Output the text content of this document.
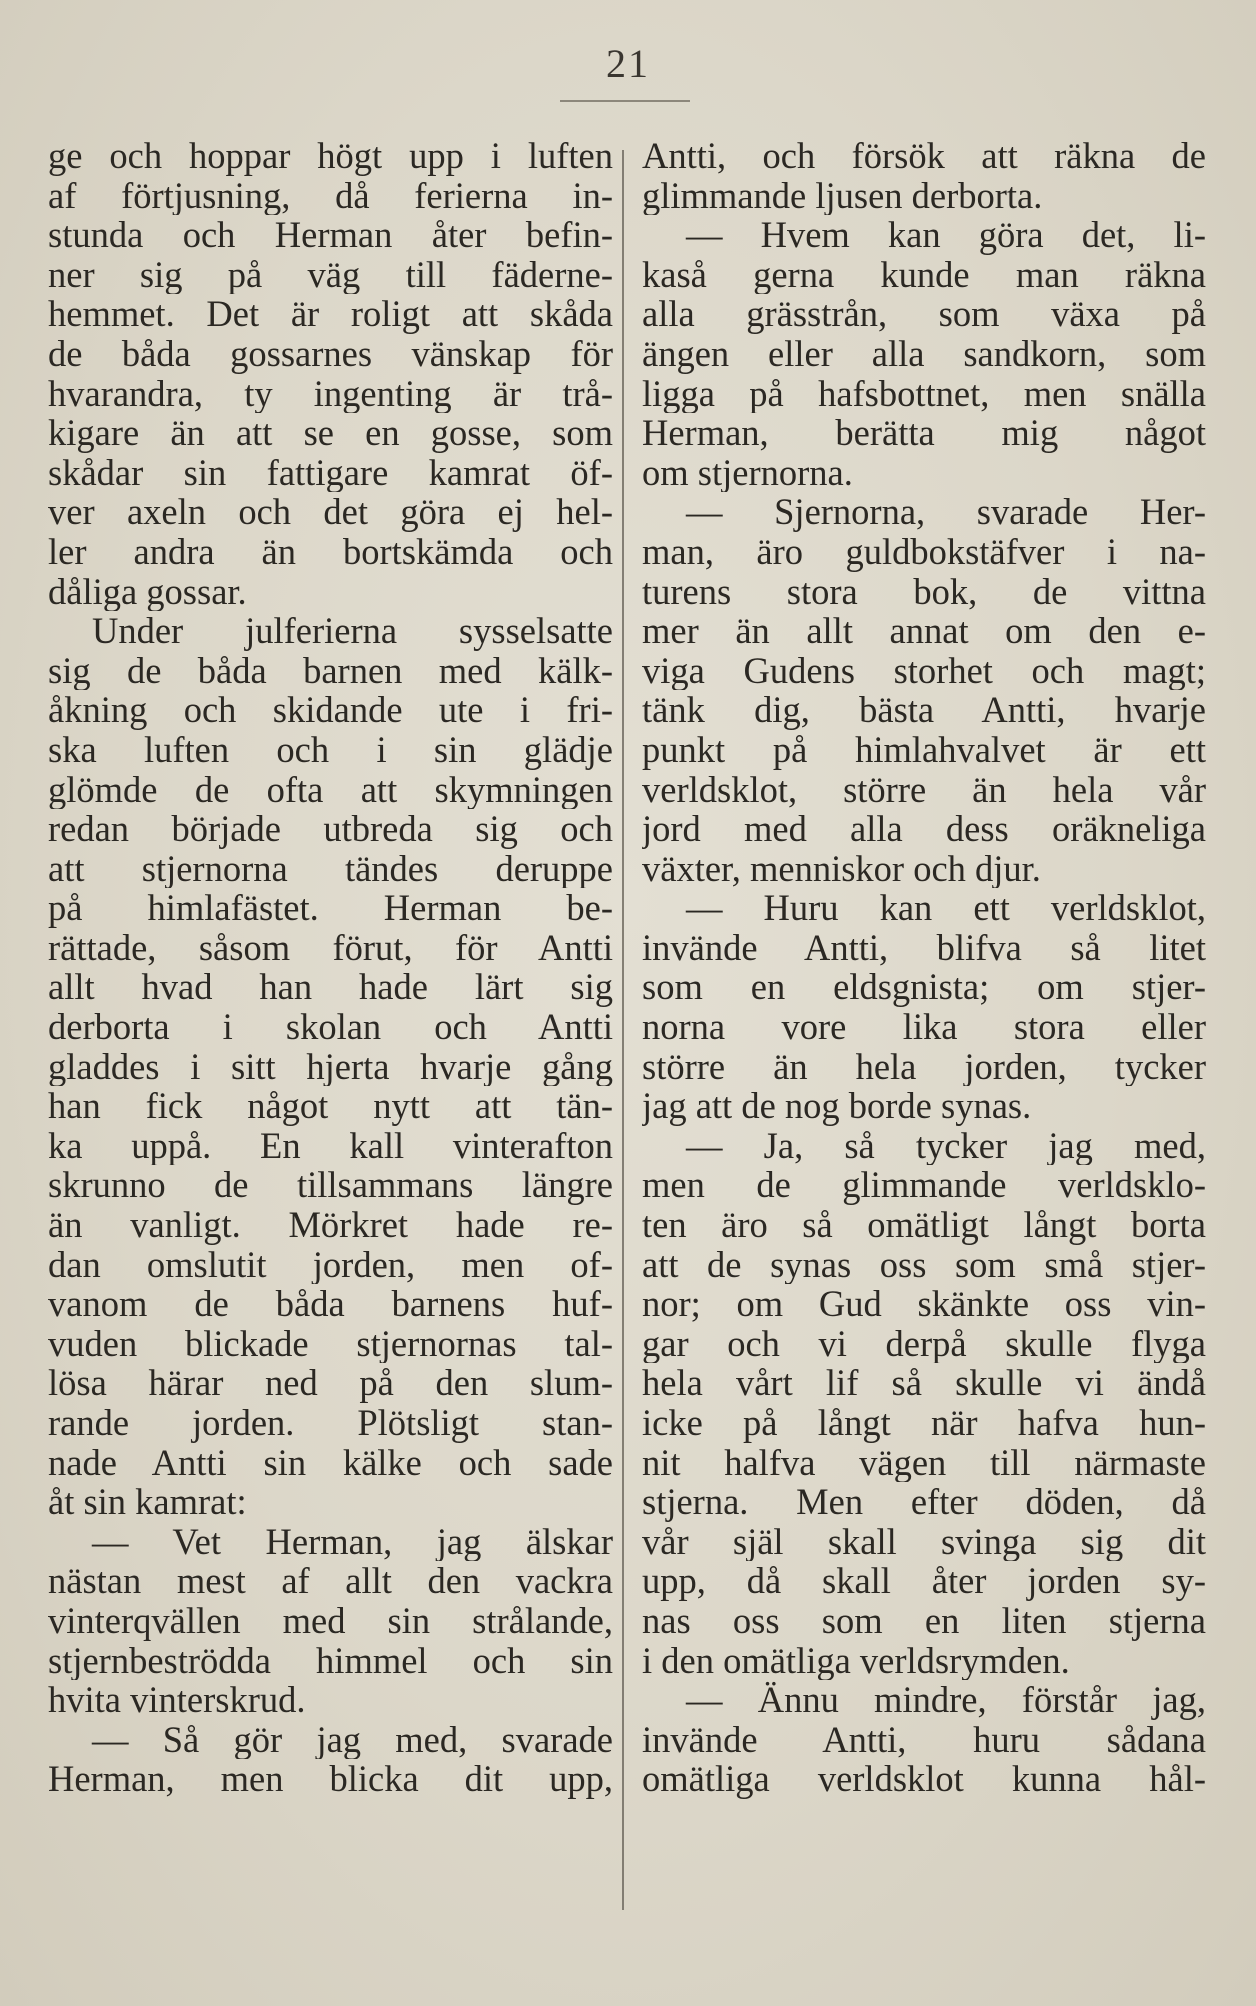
21
ge och hoppar högt upp i luften
af förtjusning, då ferierna in-
stunda och Herman åter befin-
ner sig på väg till fäderne-
hemmet. Det är roligt att skåda
de båda gossarnes vänskap för
hvarandra, ty ingenting är trå-
kigare än att se en gosse, som
skådar sin fattigare kamrat öf-
ver axeln och det göra ej hel-
ler andra än bortskämda och
dåliga gossar.
Under julferierna sysselsatte
sig de båda barnen med kälk-
åkning och skidande ute i fri-
ska luften och i sin glädje
glömde de ofta att skymningen
redan började utbreda sig och
att stjernorna tändes deruppe
på himlafästet. Herman be-
rättade, såsom förut, för Antti
allt hvad han hade lärt sig
derborta i skolan och Antti
gladdes i sitt hjerta hvarje gång
han fick något nytt att tän-
ka uppå. En kall vinterafton
skrunno de tillsammans längre
än vanligt. Mörkret hade re-
dan omslutit jorden, men of-
vanom de båda barnens huf-
vuden blickade stjernornas tal-
lösa härar ned på den slum-
rande jorden. Plötsligt stan-
nade Antti sin kälke och sade
åt sin kamrat:
— Vet Herman, jag älskar
nästan mest af allt den vackra
vinterqvällen med sin strålande,
stjernbeströdda himmel och sin
hvita vinterskrud.
— Så gör jag med, svarade
Herman, men blicka dit upp,
Antti, och försök att räkna de
glimmande ljusen derborta.
— Hvem kan göra det, li-
kaså gerna kunde man räkna
alla grässtrån, som växa på
ängen eller alla sandkorn, som
ligga på hafsbottnet, men snälla
Herman, berätta mig något
om stjernorna.
— Sjernorna, svarade Her-
man, äro guldbokstäfver i na-
turens stora bok, de vittna
mer än allt annat om den e-
viga Gudens storhet och magt;
tänk dig, bästa Antti, hvarje
punkt på himlahvalvet är ett
verldsklot, större än hela vår
jord med alla dess oräkneliga
växter, menniskor och djur.
— Huru kan ett verldsklot,
invände Antti, blifva så litet
som en eldsgnista; om stjer-
norna vore lika stora eller
större än hela jorden, tycker
jag att de nog borde synas.
— Ja, så tycker jag med,
men de glimmande verldsklo-
ten äro så omätligt långt borta
att de synas oss som små stjer-
nor; om Gud skänkte oss vin-
gar och vi derpå skulle flyga
hela vårt lif så skulle vi ändå
icke på långt när hafva hun-
nit halfva vägen till närmaste
stjerna. Men efter döden, då
vår själ skall svinga sig dit
upp, då skall åter jorden sy-
nas oss som en liten stjerna
i den omätliga verldsrymden.
— Ännu mindre, förstår jag,
invände Antti, huru sådana
omätliga verldsklot kunna hål-
